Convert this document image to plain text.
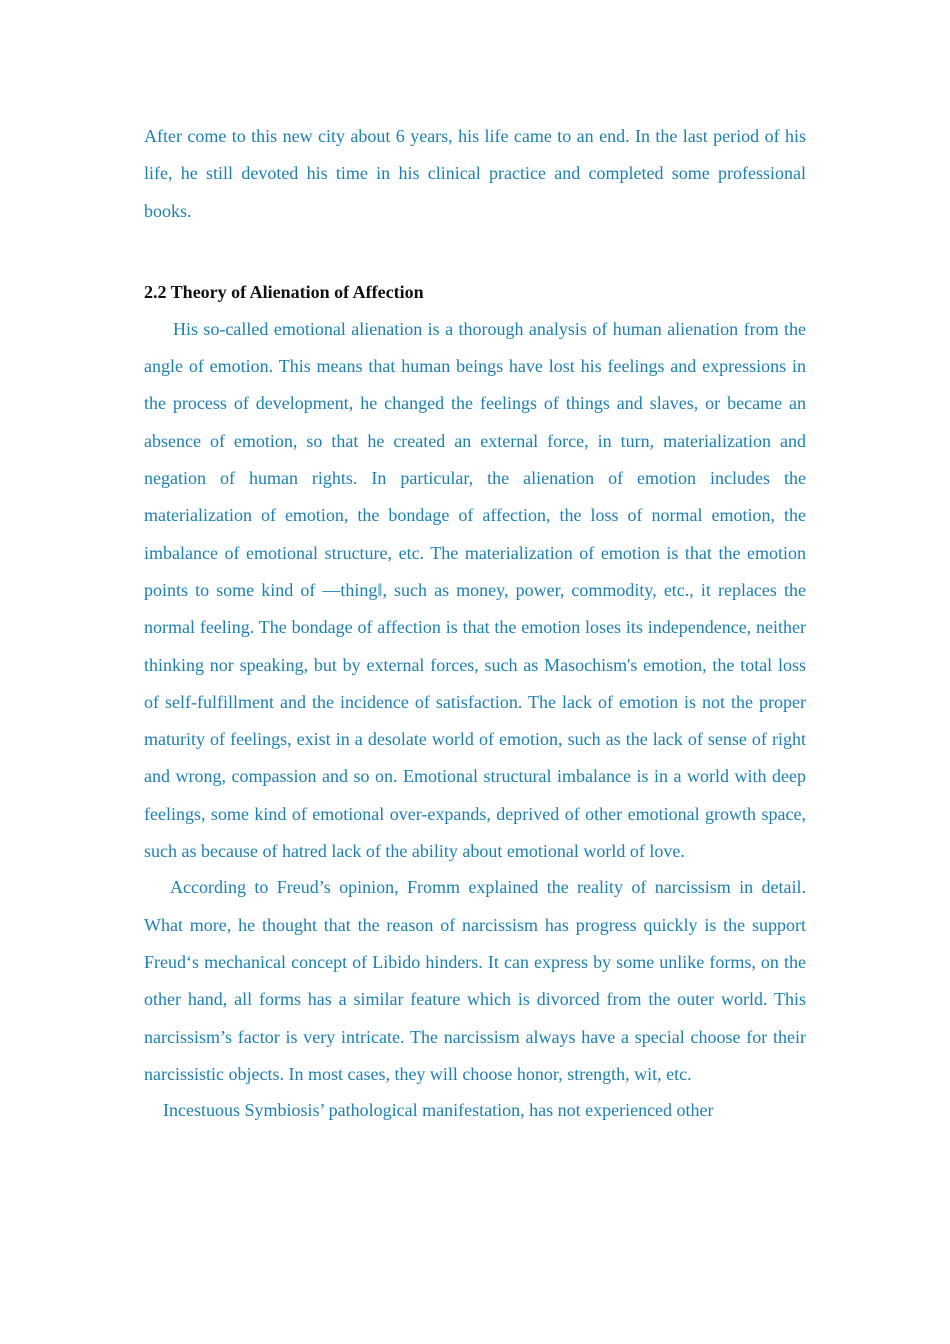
After come to this new city about 6 years, his life came to an end. In the last period of his life, he still devoted his time in his clinical practice and completed some professional books.

2.2 Theory of Alienation of Affection

His so-called emotional alienation is a thorough analysis of human alienation from the angle of emotion. This means that human beings have lost his feelings and expressions in the process of development, he changed the feelings of things and slaves, or became an absence of emotion, so that he created an external force, in turn, materialization and negation of human rights. In particular, the alienation of emotion includes the materialization of emotion, the bondage of affection, the loss of normal emotion, the imbalance of emotional structure, etc. The materialization of emotion is that the emotion points to some kind of —thing‖, such as money, power, commodity, etc., it replaces the normal feeling. The bondage of affection is that the emotion loses its independence, neither thinking nor speaking, but by external forces, such as Masochism's emotion, the total loss of self-fulfillment and the incidence of satisfaction. The lack of emotion is not the proper maturity of feelings, exist in a desolate world of emotion, such as the lack of sense of right and wrong, compassion and so on. Emotional structural imbalance is in a world with deep feelings, some kind of emotional over-expands, deprived of other emotional growth space, such as because of hatred lack of the ability about emotional world of love.

According to Freud’s opinion, Fromm explained the reality of narcissism in detail. What more, he thought that the reason of narcissism has progress quickly is the support Freud‘s mechanical concept of Libido hinders. It can express by some unlike forms, on the other hand, all forms has a similar feature which is divorced from the outer world. This narcissism’s factor is very intricate. The narcissism always have a special choose for their narcissistic objects. In most cases, they will choose honor, strength, wit, etc.

Incestuous Symbiosis’ pathological manifestation, has not experienced other
